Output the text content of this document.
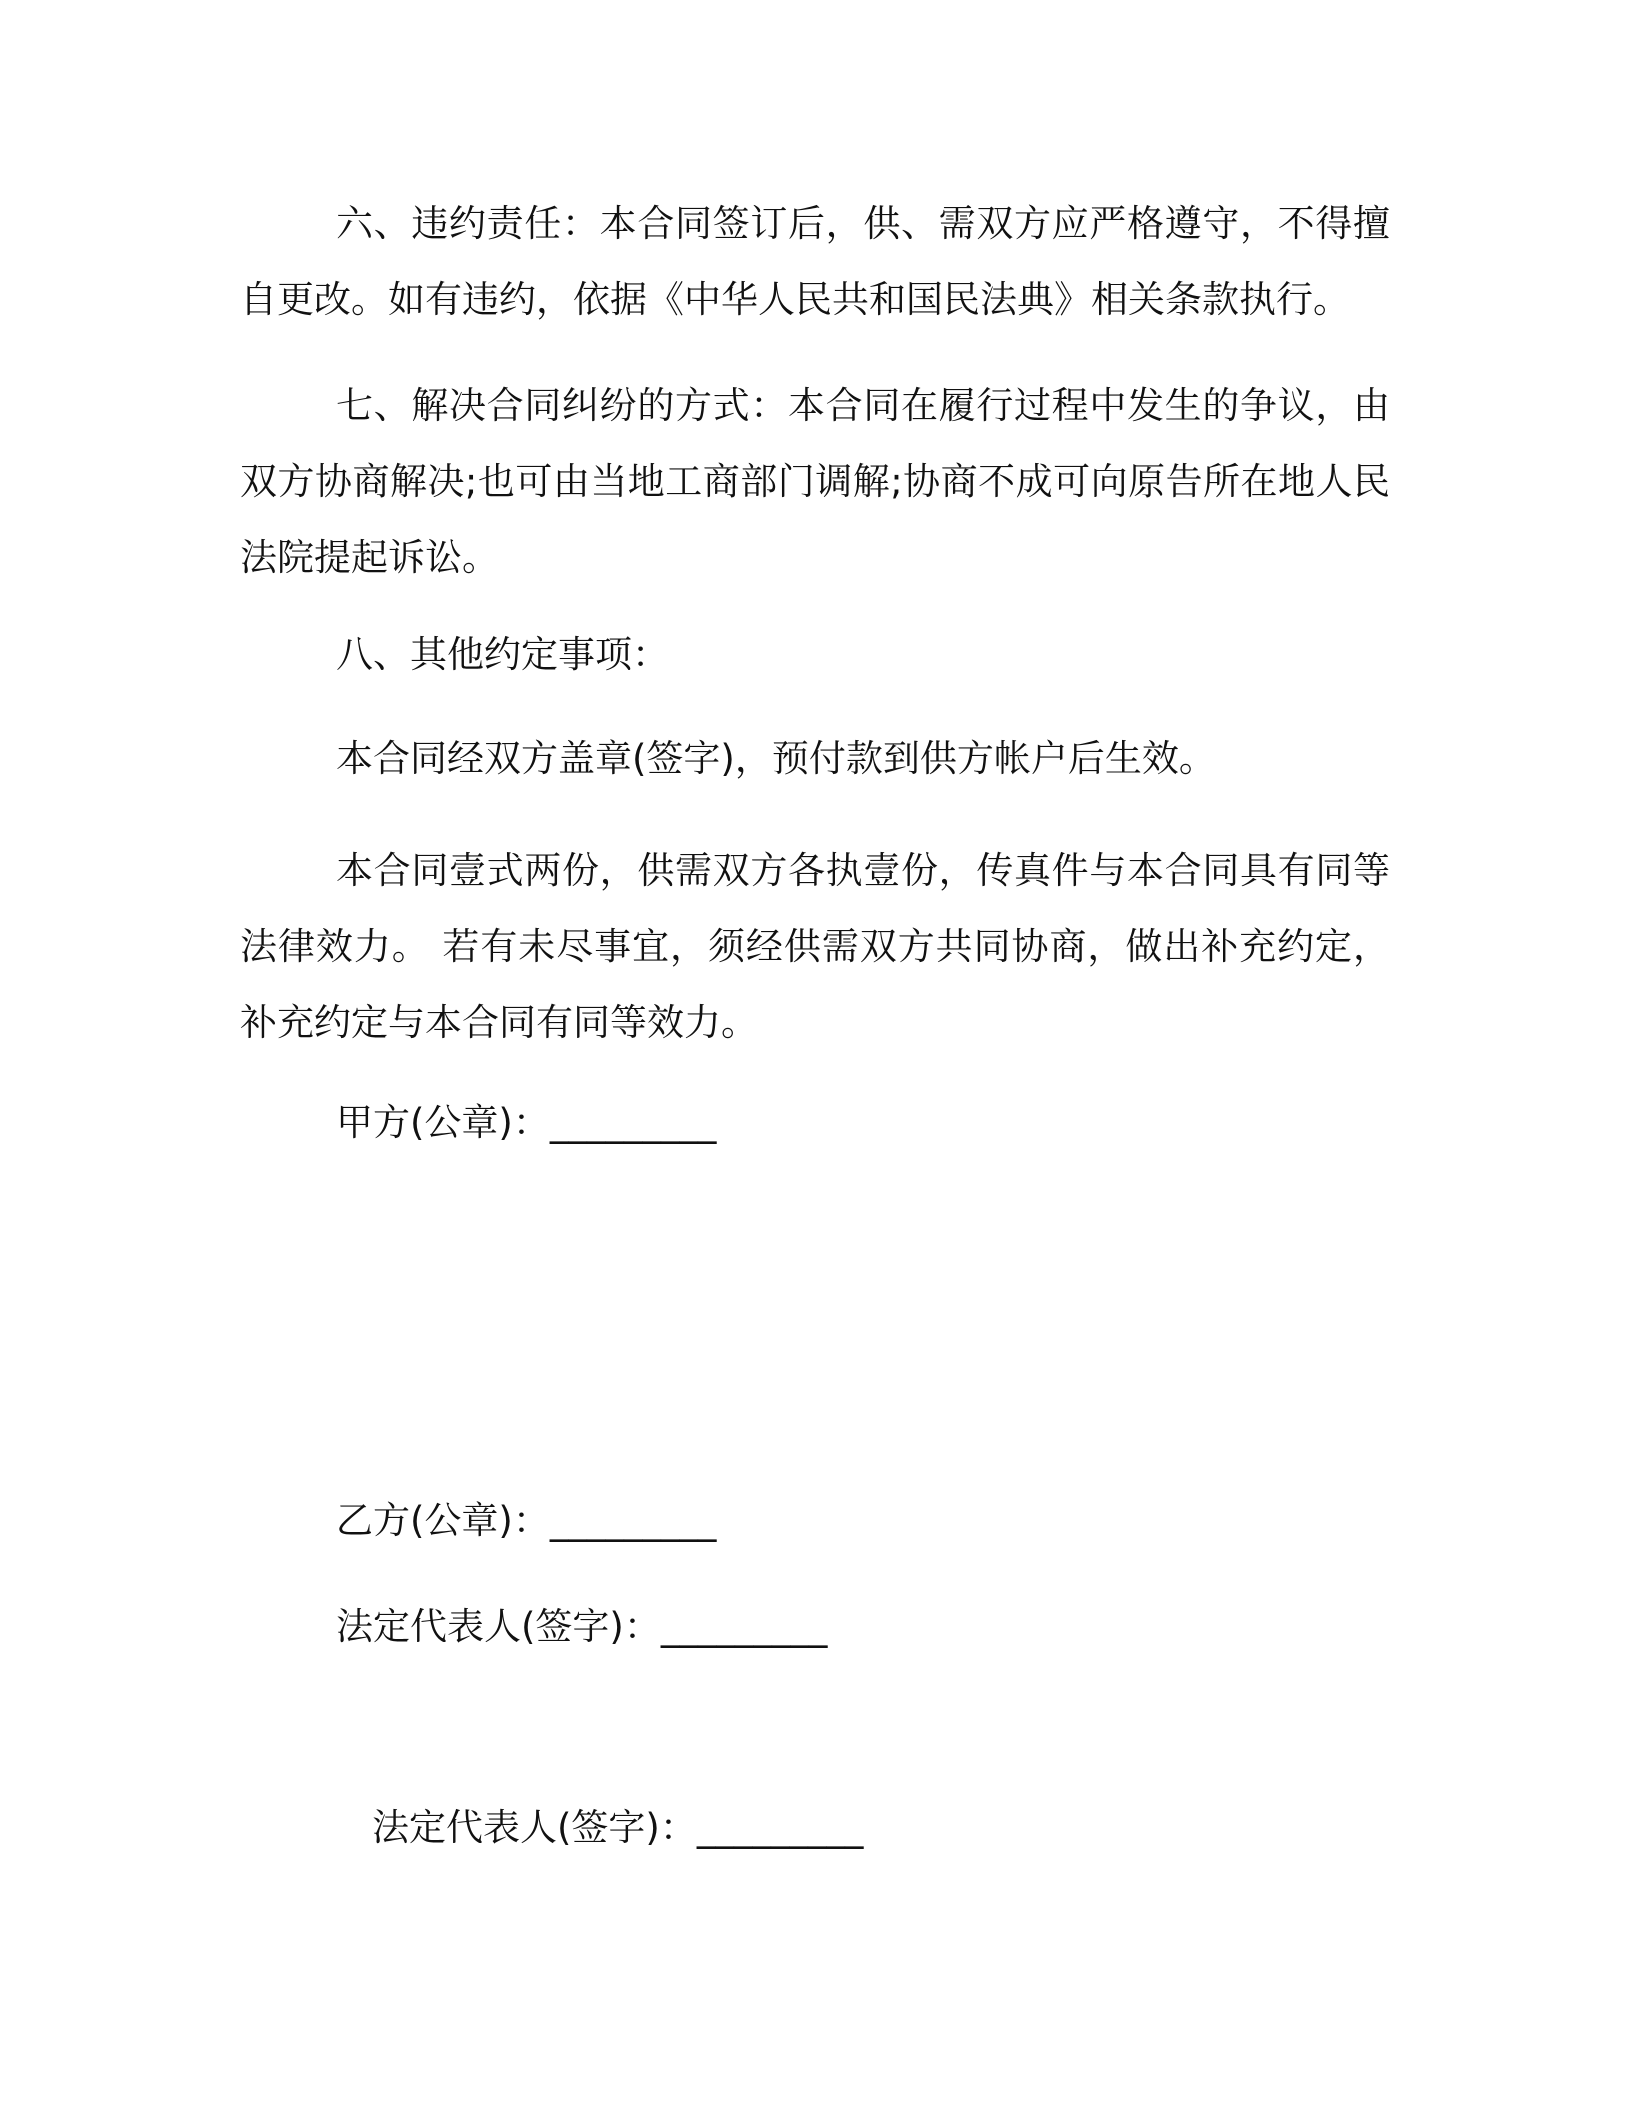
六、违约责任：本合同签订后，供、需双方应严格遵守，不得擅自更改。如有违约，依据《中华人民共和国民法典》相关条款执行。

七、解决合同纠纷的方式：本合同在履行过程中发生的争议，由双方协商解决;也可由当地工商部门调解;协商不成可向原告所在地人民法院提起诉讼。

八、其他约定事项：

本合同经双方盖章(签字)，预付款到供方帐户后生效。

本合同壹式两份，供需双方各执壹份，传真件与本合同具有同等法律效力。 若有未尽事宜，须经供需双方共同协商，做出补充约定，补充约定与本合同有同等效力。

甲方(公章)：_________

乙方(公章)：_________

法定代表人(签字)：_________

法定代表人(签字)：_________
